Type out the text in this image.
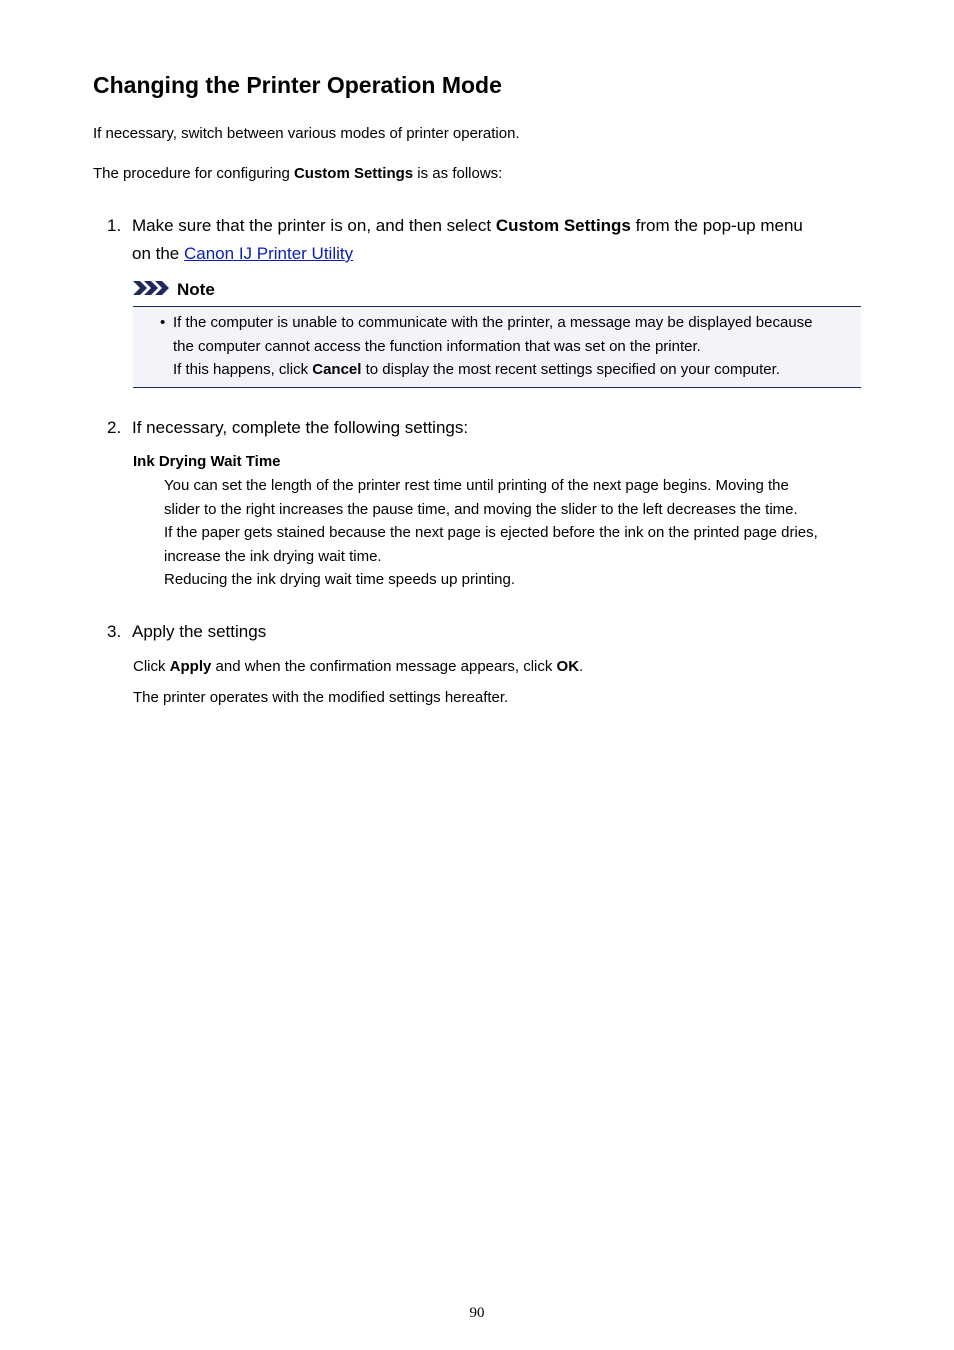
Changing the Printer Operation Mode

If necessary, switch between various modes of printer operation.

The procedure for configuring Custom Settings is as follows:

1. Make sure that the printer is on, and then select Custom Settings from the pop-up menu
on the Canon IJ Printer Utility
Note
• If the computer is unable to communicate with the printer, a message may be displayed because
the computer cannot access the function information that was set on the printer.
If this happens, click Cancel to display the most recent settings specified on your computer.
2. If necessary, complete the following settings:
Ink Drying Wait Time
You can set the length of the printer rest time until printing of the next page begins. Moving the
slider to the right increases the pause time, and moving the slider to the left decreases the time.
If the paper gets stained because the next page is ejected before the ink on the printed page dries,
increase the ink drying wait time.
Reducing the ink drying wait time speeds up printing.
3. Apply the settings
Click Apply and when the confirmation message appears, click OK.
The printer operates with the modified settings hereafter.
90
